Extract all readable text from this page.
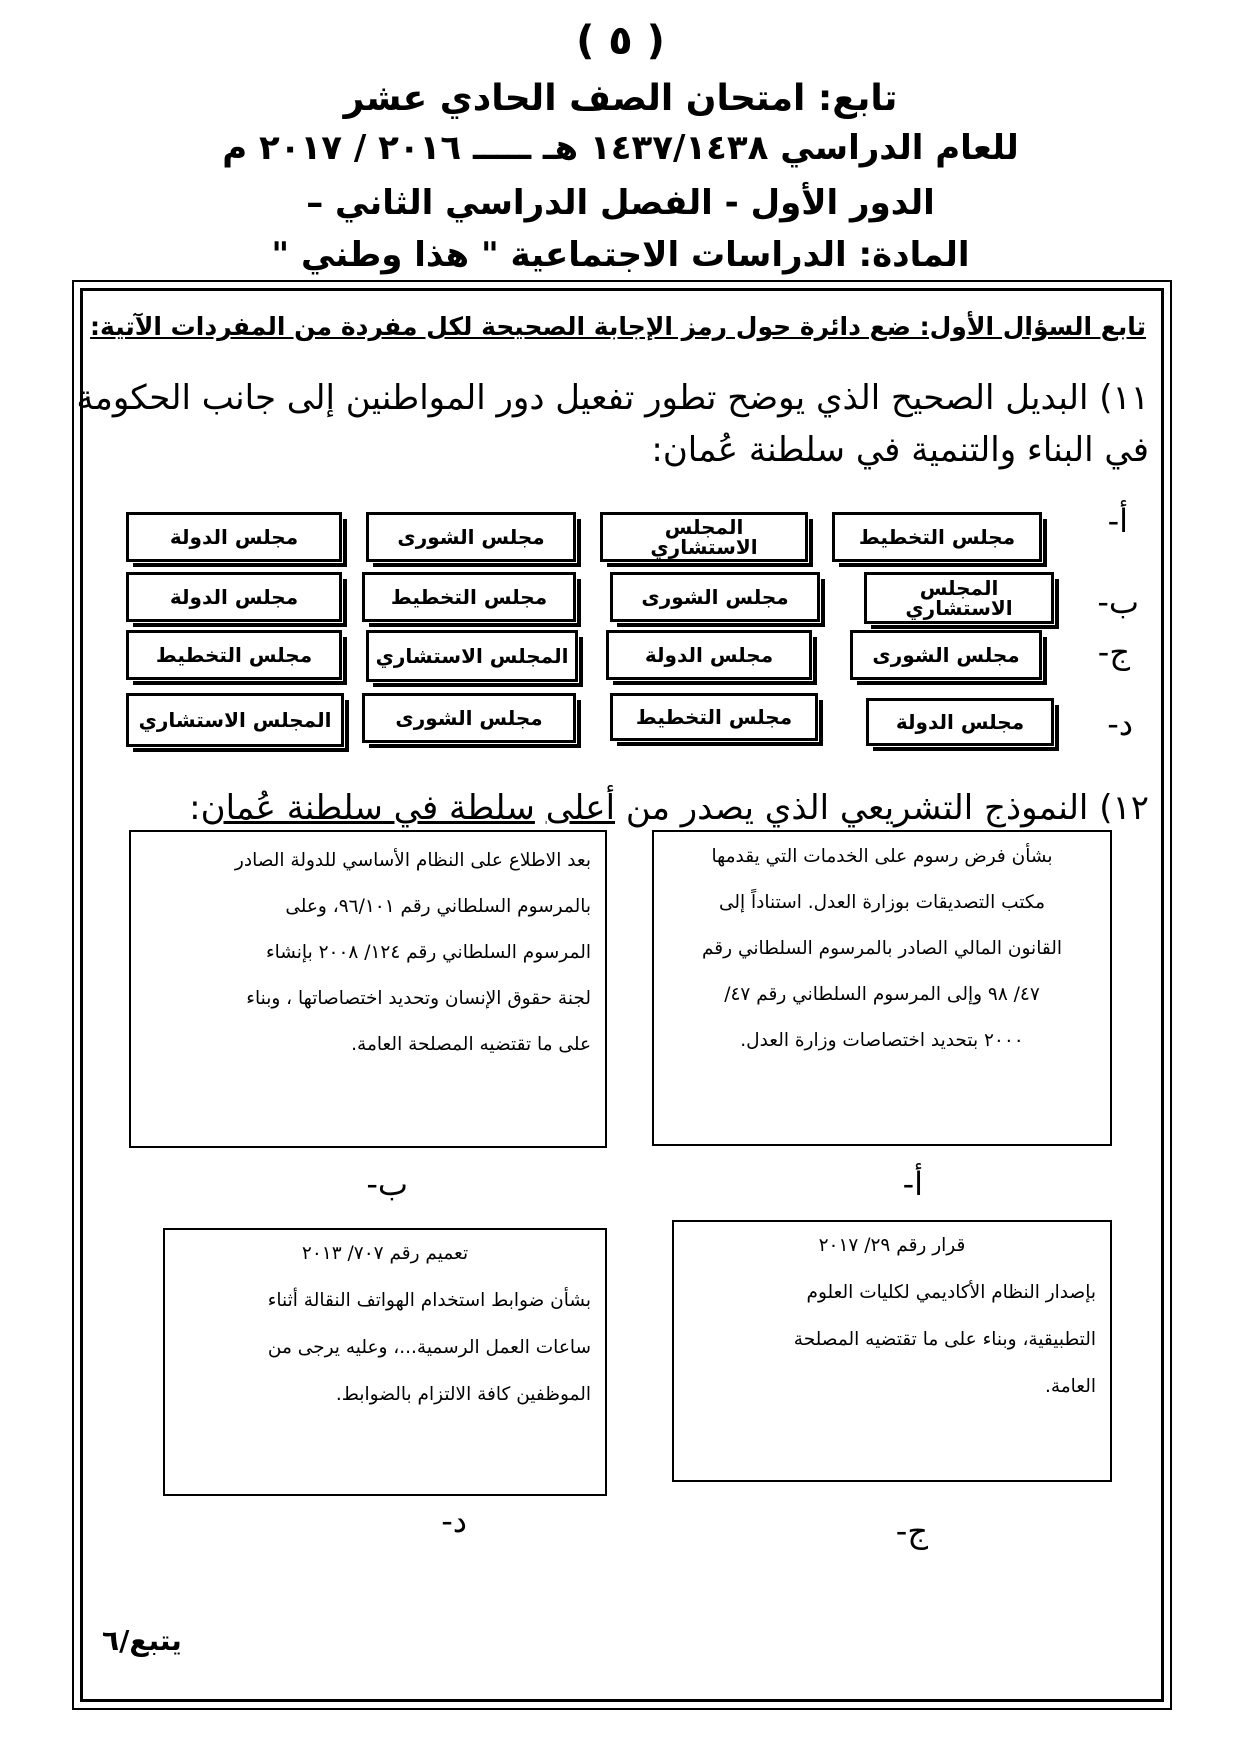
( ٥ )
تابع: امتحان الصف الحادي عشر
للعام الدراسي ١٤٣٧/١٤٣٨ هـ ـــــ ٢٠١٦ / ٢٠١٧ م
الدور الأول - الفصل الدراسي الثاني –
المادة: الدراسات الاجتماعية " هذا وطني "
تابع السؤال الأول: ضع دائرة حول رمز الإجابة الصحيحة لكل مفردة من المفردات الآتية:
١١) البديل الصحيح الذي يوضح تطور تفعيل دور المواطنين إلى جانب الحكومة
في البناء والتنمية في سلطنة عُمان:
أ-
ب-
ج-
د-
مجلس التخطيط
المجلس الاستشاري
مجلس الشورى
مجلس الدولة
المجلس الاستشاري
مجلس الشورى
مجلس التخطيط
مجلس الدولة
مجلس الشورى
مجلس الدولة
المجلس الاستشاري
مجلس التخطيط
مجلس الدولة
مجلس التخطيط
مجلس الشورى
المجلس الاستشاري
١٢) النموذج التشريعي الذي يصدر من أعلى سلطة في سلطنة عُمان:
بشأن فرض رسوم على الخدمات التي يقدمها
مكتب التصديقات بوزارة العدل. استناداً إلى
القانون المالي الصادر بالمرسوم السلطاني رقم
٤٧/ ٩٨ وإلى المرسوم السلطاني رقم ٤٧/
٢٠٠٠ بتحديد اختصاصات وزارة العدل.
بعد الاطلاع على النظام الأساسي للدولة الصادر
بالمرسوم السلطاني رقم ٩٦/١٠١، وعلى
المرسوم السلطاني رقم ١٢٤/ ٢٠٠٨ بإنشاء
لجنة حقوق الإنسان وتحديد اختصاصاتها ، وبناء
على ما تقتضيه المصلحة العامة.
أ-
ب-
قرار رقم ٢٩/ ٢٠١٧
بإصدار النظام الأكاديمي لكليات العلوم
التطبيقية، وبناء على ما تقتضيه المصلحة
العامة.
تعميم رقم ٧٠٧/ ٢٠١٣
بشأن ضوابط استخدام الهواتف النقالة أثناء
ساعات العمل الرسمية...، وعليه يرجى من
الموظفين كافة الالتزام بالضوابط.
ج-
د-
يتبع/٦
